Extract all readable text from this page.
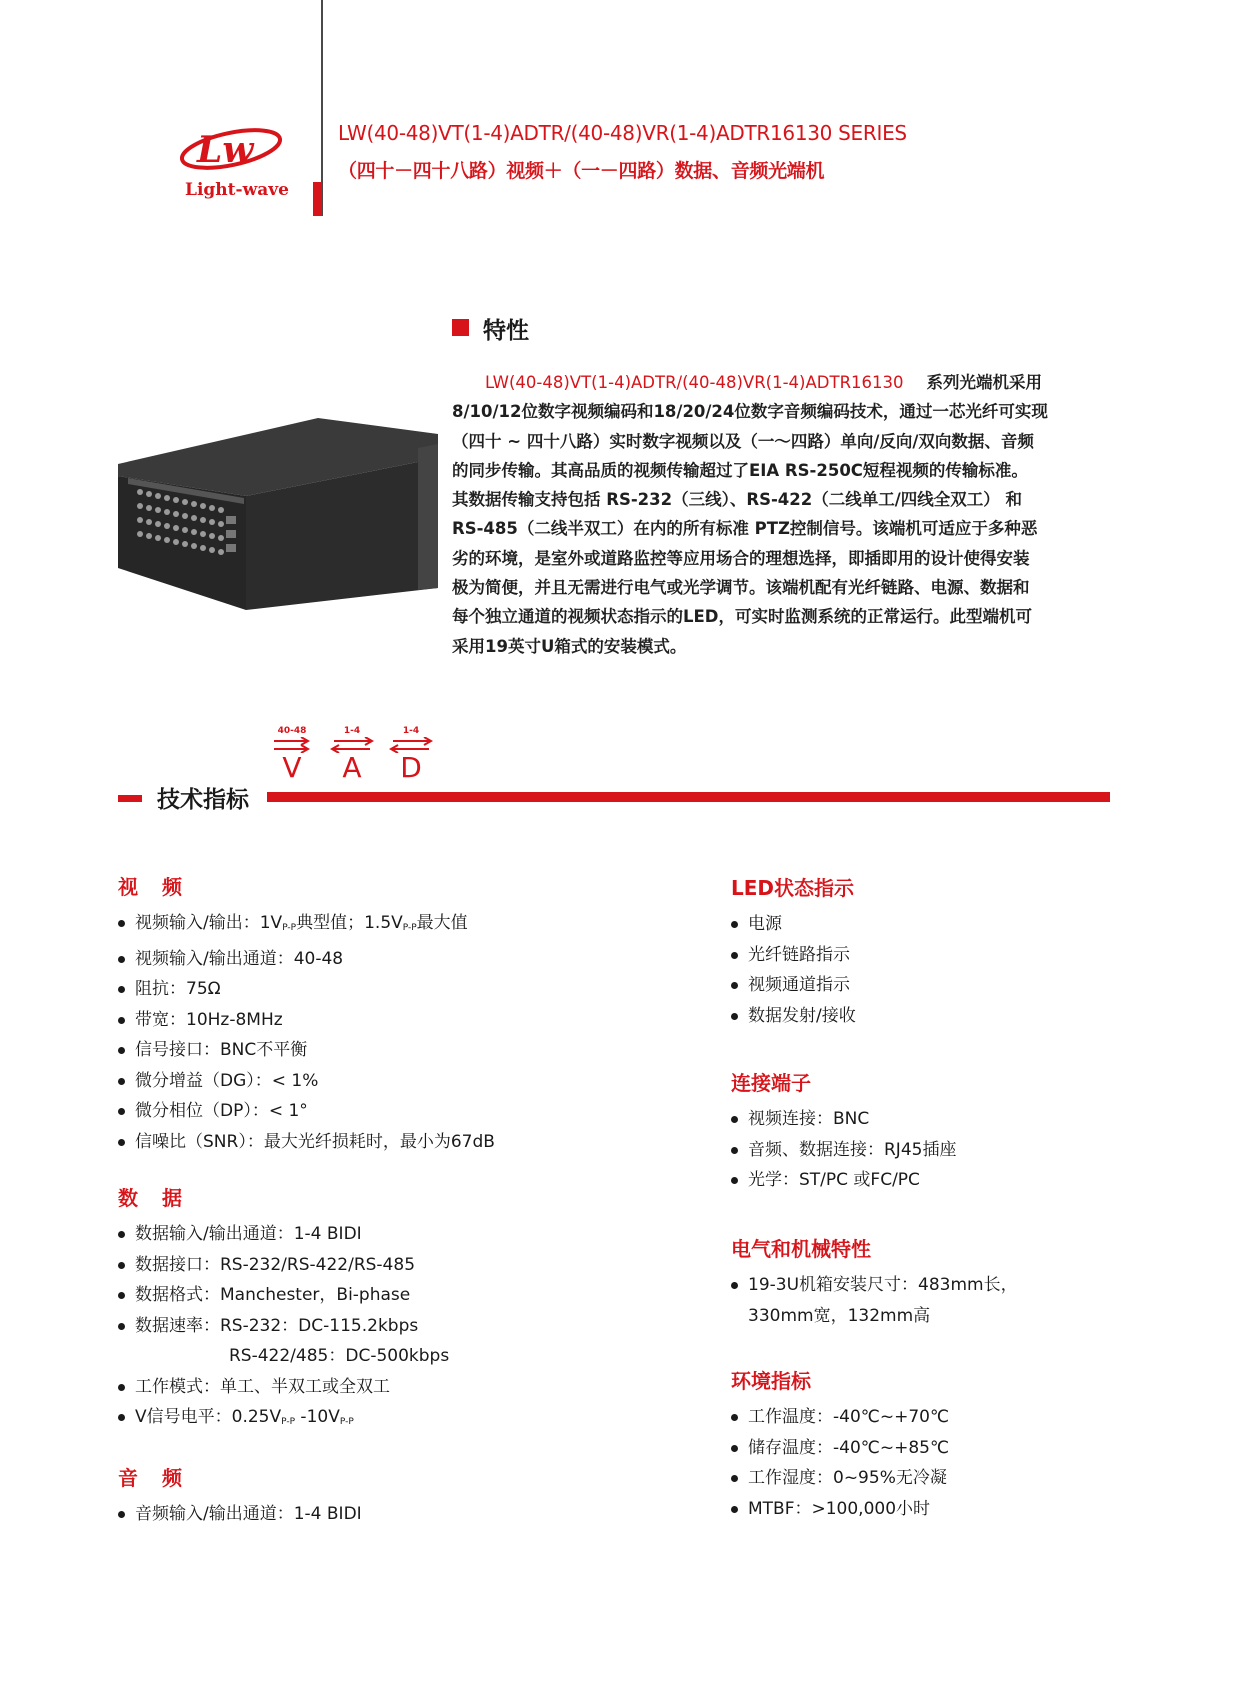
Lw
Light-wave
LW(40-48)VT(1-4)ADTR/(40-48)VR(1-4)ADTR16130 SERIES
（四十－四十八路）视频＋（一－四路）数据、音频光端机
特性

LW(40-48)VT(1-4)ADTR/(40-48)VR(1-4)ADTR16130 系列光端机采用

8/10/12位数字视频编码和18/20/24位数字音频编码技术，通过一芯光纤可实现

（四十 ~ 四十八路）实时数字视频以及（一～四路）单向/反向/双向数据、音频

的同步传输。其高品质的视频传输超过了EIA RS-250C短程视频的传输标准。

其数据传输支持包括 RS-232（三线）、RS-422（二线单工/四线全双工） 和

RS-485（二线半双工）在内的所有标准 PTZ控制信号。该端机可适应于多种恶

劣的环境，是室外或道路监控等应用场合的理想选择，即插即用的设计使得安装

极为简便，并且无需进行电气或光学调节。该端机配有光纤链路、电源、数据和

每个独立通道的视频状态指示的LED，可实时监测系统的正常运行。此型端机可

采用19英寸U箱式的安装模式。

40-48
V
1-4
A
1-4
D
技术指标
视频
视频输入/输出：$1V_{P-P}$典型值；$1.5V_{P-P}$最大值
视频输入/输出通道：40-48
阻抗：75Ω
带宽：10Hz-8MHz
信号接口：BNC不平衡
微分增益（DG）：< 1%
微分相位（DP）：< 1°
信噪比（SNR）：最大光纤损耗时，最小为67dB
数据
数据输入/输出通道：1-4 BIDI
数据接口：RS-232/RS-422/RS-485
数据格式：Manchester，Bi-phase
数据速率：RS-232：DC-115.2kbps
RS-422/485：DC-500kbps
工作模式：单工、半双工或全双工
V信号电平：$0.25V_{P-P}$ $-10V_{P-P}$
音频
音频输入/输出通道：1-4 BIDI
LED状态指示
电源
光纤链路指示
视频通道指示
数据发射/接收
连接端子
视频连接：BNC
音频、数据连接：RJ45插座
光学：ST/PC 或FC/PC
电气和机械特性
19-3U机箱安装尺寸：483mm长，
330mm宽，132mm高
环境指标
工作温度：-40℃~+70℃
储存温度：-40℃~+85℃
工作湿度：0~95%无冷凝
MTBF：>100,000小时
